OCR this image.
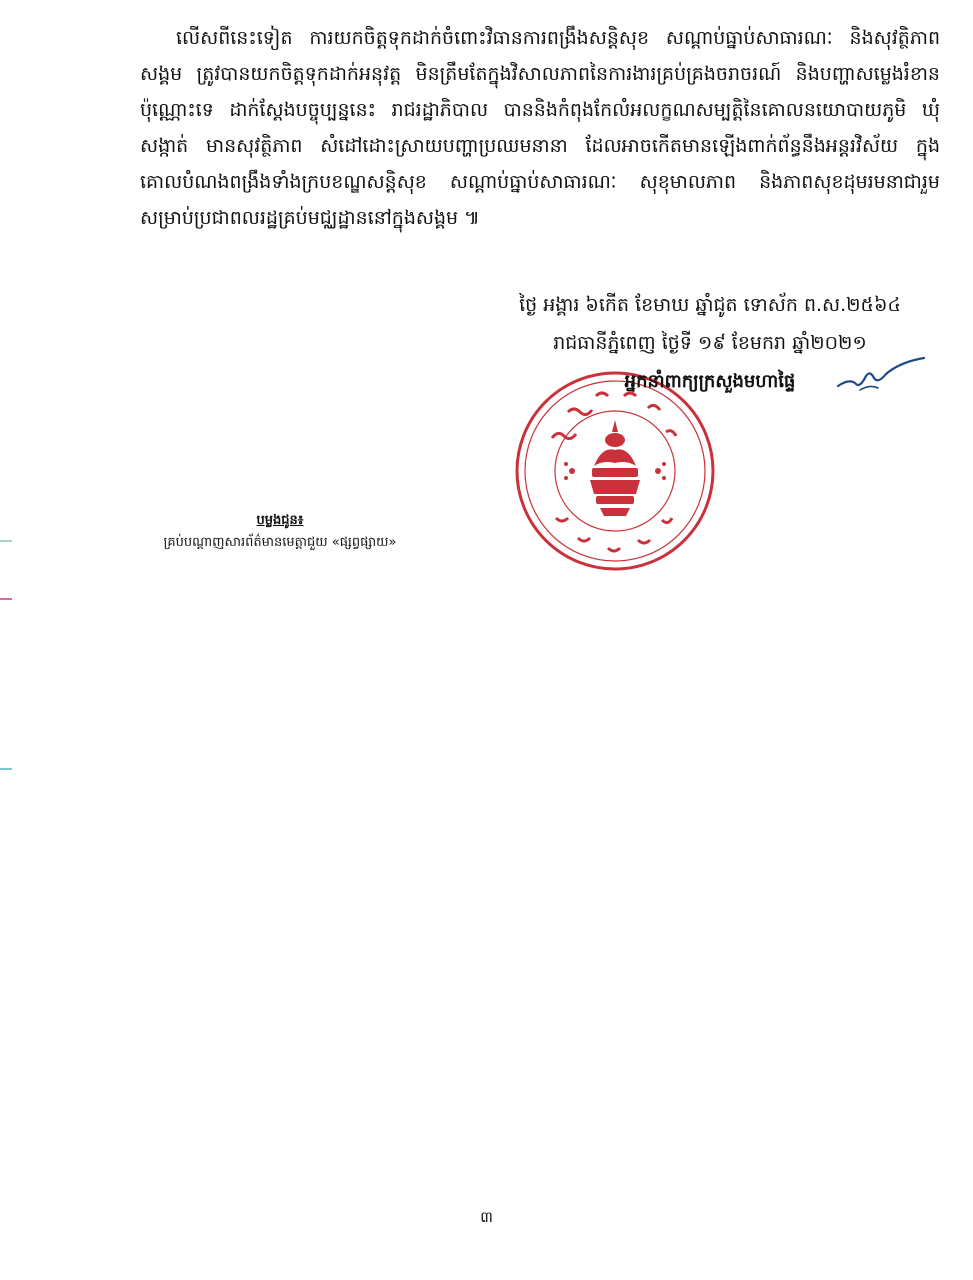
លើសពីនេះទៀត ការយកចិត្តទុកដាក់ចំពោះវិធានការពង្រឹងសន្តិសុខ សណ្តាប់ធ្នាប់សាធារណៈ និងសុវត្ថិភាពសង្គម ត្រូវបានយកចិត្តទុកដាក់អនុវត្ត មិនត្រឹមតែក្នុងវិសាលភាពនៃការងារគ្រប់គ្រងចរាចរណ៍ និងបញ្ហាសម្លេងរំខានប៉ុណ្ណោះទេ ដាក់ស្តែងបច្ចុប្បន្ននេះ រាជរដ្ឋាភិបាល បាននិងកំពុងកែលំអលក្ខណសម្បត្តិនៃគោលនយោបាយភូមិ ឃុំ សង្កាត់ មានសុវត្ថិភាព សំដៅដោះស្រាយបញ្ហាប្រឈមនានា ដែលអាចកើតមានឡើងពាក់ព័ន្ធនឹងអន្តរវិស័យ ក្នុងគោលបំណងពង្រឹងទាំងក្របខណ្ឌសន្តិសុខ សណ្តាប់ធ្នាប់សាធារណៈ សុខុមាលភាព និងភាពសុខដុមរមនាជារួម សម្រាប់ប្រជាពលរដ្ឋគ្រប់មជ្ឈដ្ឋាននៅក្នុងសង្គម ៕

ថ្ងៃ អង្គារ ៦កើត ខែមាឃ ឆ្នាំជូត ទោស័ក ព.ស.២៥៦៤
រាជធានីភ្នំពេញ ថ្ងៃទី ១៩ ខែមករា ឆ្នាំ២០២១
អ្នកនាំពាក្យក្រសួងមហាផ្ទៃ
បម្លងជូន៖
គ្រប់បណ្តាញសារព័ត៌មានមេត្តាជួយ «ផ្សព្វផ្សាយ»
៣
